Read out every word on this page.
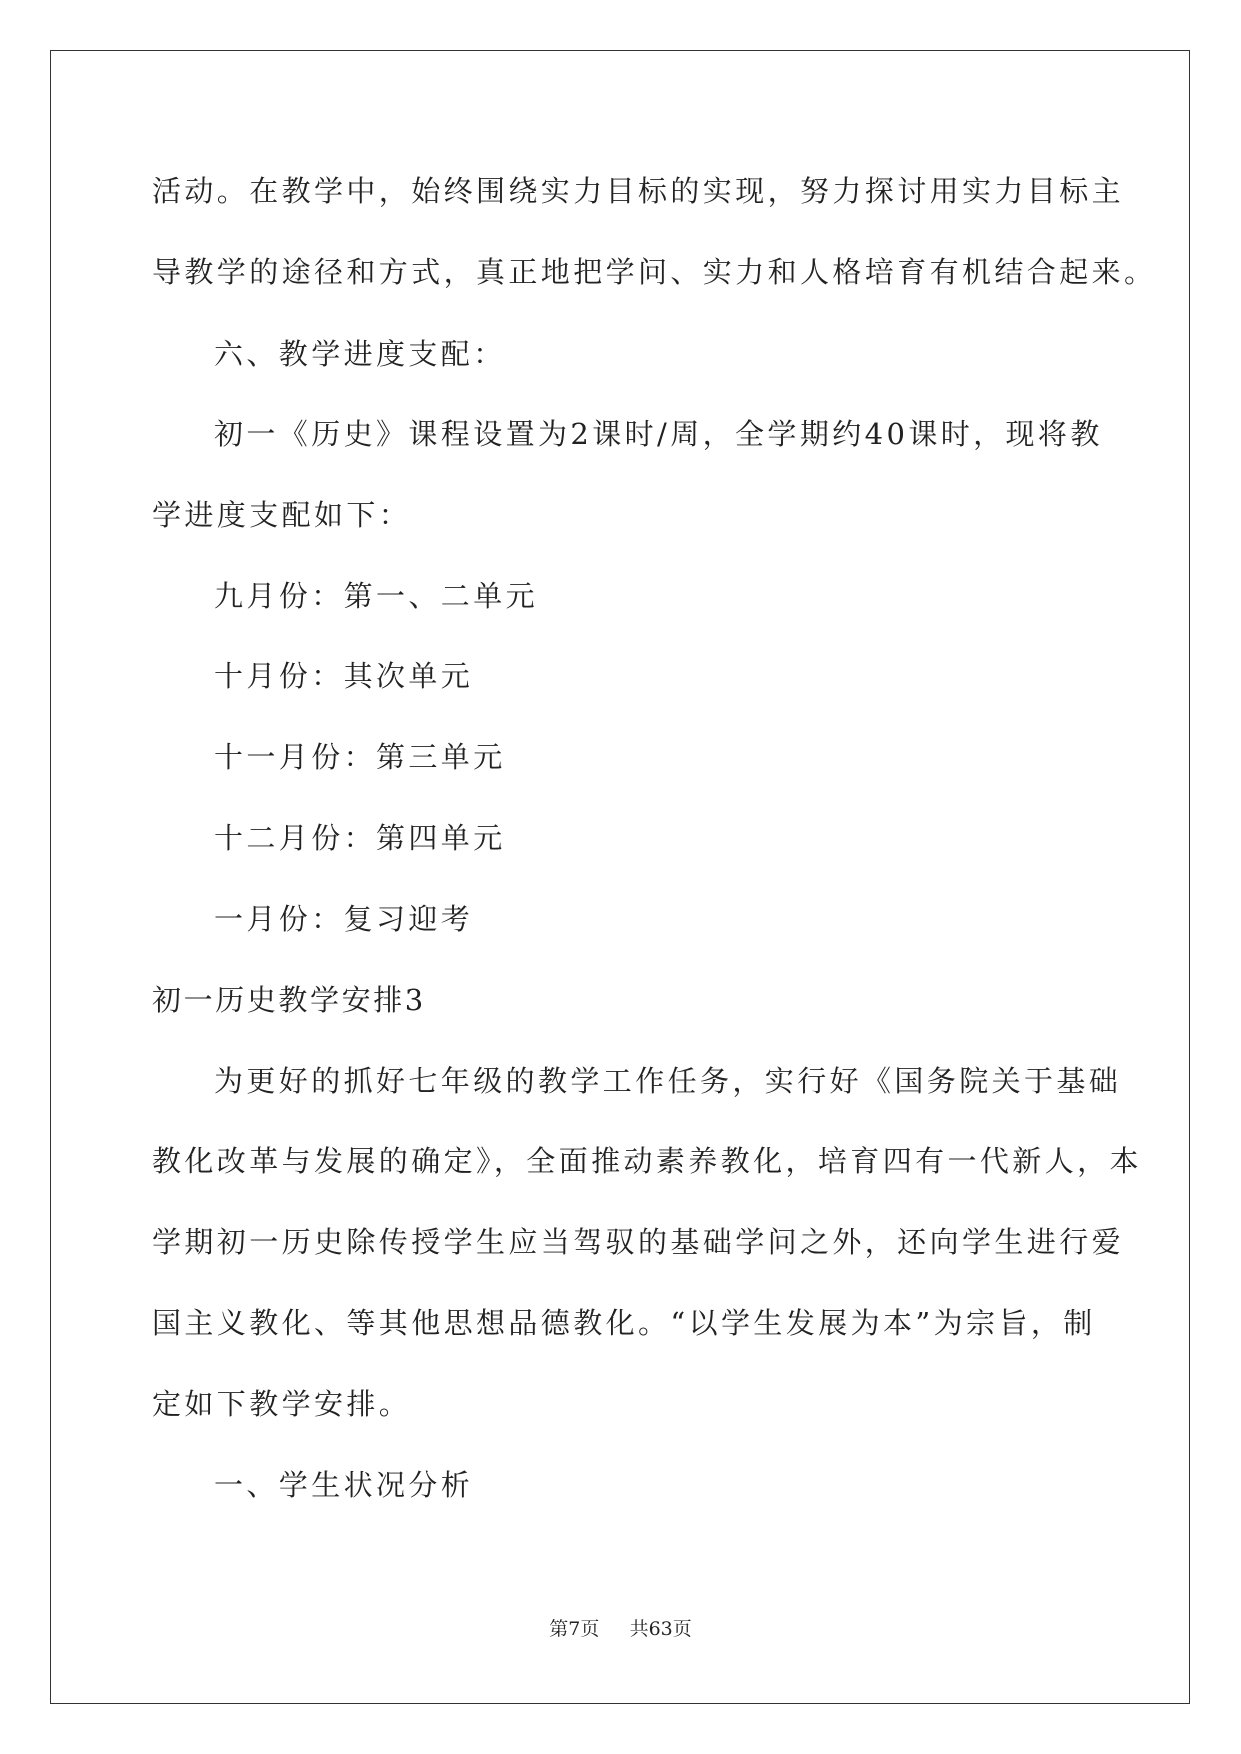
活动。在教学中，始终围绕实力目标的实现，努力探讨用实力目标主
导教学的途径和方式，真正地把学问、实力和人格培育有机结合起来。
六、教学进度支配：
初一《历史》课程设置为2课时/周，全学期约40课时，现将教
学进度支配如下：
九月份：第一、二单元
十月份：其次单元
十一月份：第三单元
十二月份：第四单元
一月份：复习迎考
初一历史教学安排3
为更好的抓好七年级的教学工作任务，实行好《国务院关于基础
教化改革与发展的确定》，全面推动素养教化，培育四有一代新人，本
学期初一历史除传授学生应当驾驭的基础学问之外，还向学生进行爱
国主义教化、等其他思想品德教化。“以学生发展为本”为宗旨，制
定如下教学安排。
一、学生状况分析
第7页 共63页
